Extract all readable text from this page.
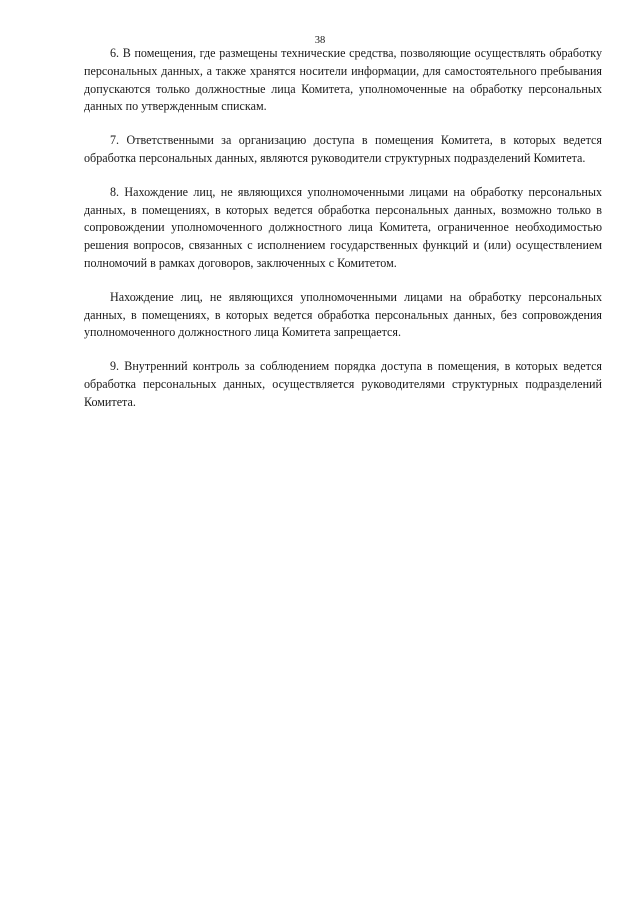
38

6. В помещения, где размещены технические средства, позволяющие осуществлять обработку персональных данных, а также хранятся носители информации, для самостоятельного пребывания допускаются только должностные лица Комитета, уполномоченные на обработку персональных данных по утвержденным спискам.

7. Ответственными за организацию доступа в помещения Комитета, в которых ведется обработка персональных данных, являются руководители структурных подразделений Комитета.

8. Нахождение лиц, не являющихся уполномоченными лицами на обработку персональных данных, в помещениях, в которых ведется обработка персональных данных, возможно только в сопровождении уполномоченного должностного лица Комитета, ограниченное необходимостью решения вопросов, связанных с исполнением государственных функций и (или) осуществлением полномочий в рамках договоров, заключенных с Комитетом.

Нахождение лиц, не являющихся уполномоченными лицами на обработку персональных данных, в помещениях, в которых ведется обработка персональных данных, без сопровождения уполномоченного должностного лица Комитета запрещается.

9. Внутренний контроль за соблюдением порядка доступа в помещения, в которых ведется обработка персональных данных, осуществляется руководителями структурных подразделений Комитета.
